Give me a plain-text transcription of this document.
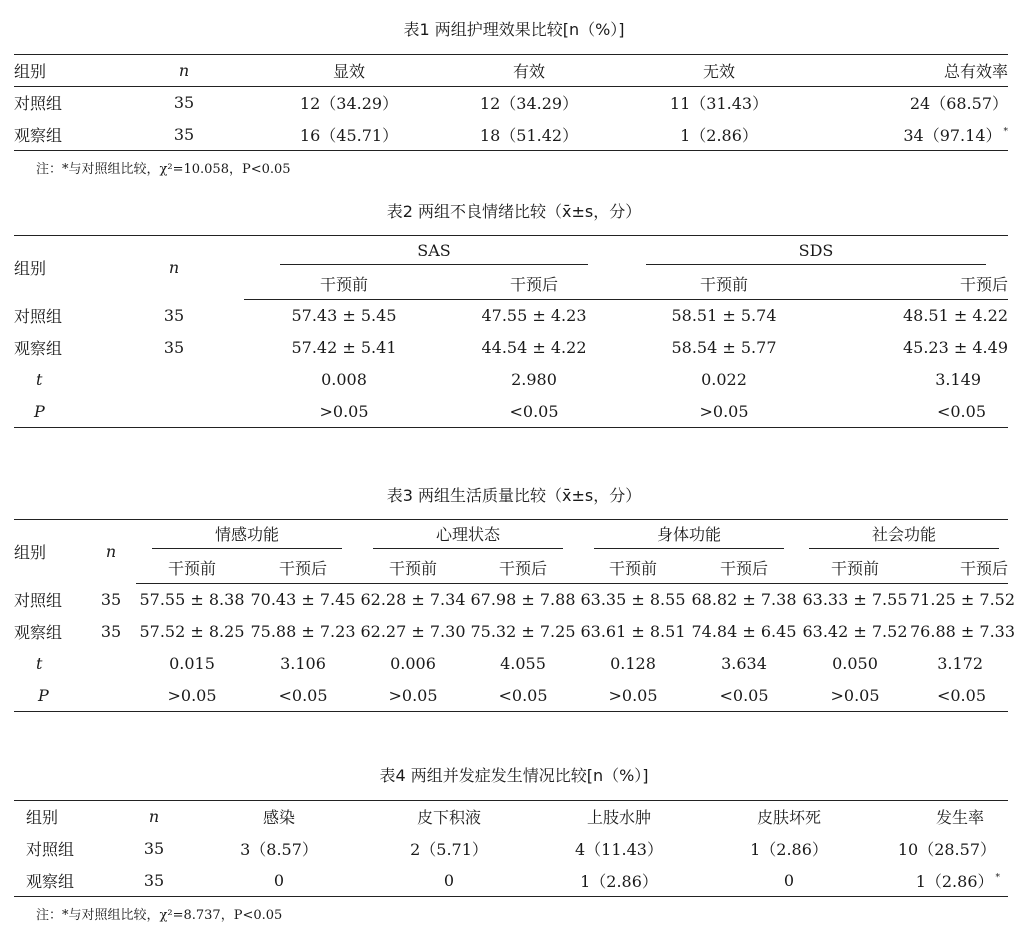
表1 两组护理效果比较[n（%）]
组别	n	显效	有效	无效	总有效率
对照组	35	12（34.29）	12（34.29）	11（31.43）	24（68.57）
观察组	35	16（45.71）	18（51.42）	1（2.86）	34（97.14） *
注：*与对照组比较，χ²=10.058，P<0.05
表2 两组不良情绪比较（x̄±s，分）
组别	n	SAS		SDS	
		干预前	干预后	干预前	干预后
对照组	35	57.43 ± 5.45	47.55 ± 4.23	58.51 ± 5.74	48.51 ± 4.22
观察组	35	57.42 ± 5.41	44.54 ± 4.22	58.54 ± 5.77	45.23 ± 4.49
t		0.008	2.980	0.022	3.149
P		>0.05	<0.05	>0.05	<0.05
表3 两组生活质量比较（x̄±s，分）
组别	n	情感功能		心理状态		身体功能		社会功能	
		干预前	干预后	干预前	干预后	干预前	干预后	干预前	干预后
对照组	35	57.55 ± 8.38	70.43 ± 7.45	62.28 ± 7.34	67.98 ± 7.88	63.35 ± 8.55	68.82 ± 7.38	63.33 ± 7.55	71.25 ± 7.52
观察组	35	57.52 ± 8.25	75.88 ± 7.23	62.27 ± 7.30	75.32 ± 7.25	63.61 ± 8.51	74.84 ± 6.45	63.42 ± 7.52	76.88 ± 7.33
t		0.015	3.106	0.006	4.055	0.128	3.634	0.050	3.172
P		>0.05	<0.05	>0.05	<0.05	>0.05	<0.05	>0.05	<0.05
表4 两组并发症发生情况比较[n（%）]
组别	n	感染	皮下积液	上肢水肿	皮肤坏死	发生率
对照组	35	3（8.57）	2（5.71）	4（11.43）	1（2.86）	10（28.57）
观察组	35	0	0	1（2.86）	0	1（2.86） *
注：*与对照组比较，χ²=8.737，P<0.05
